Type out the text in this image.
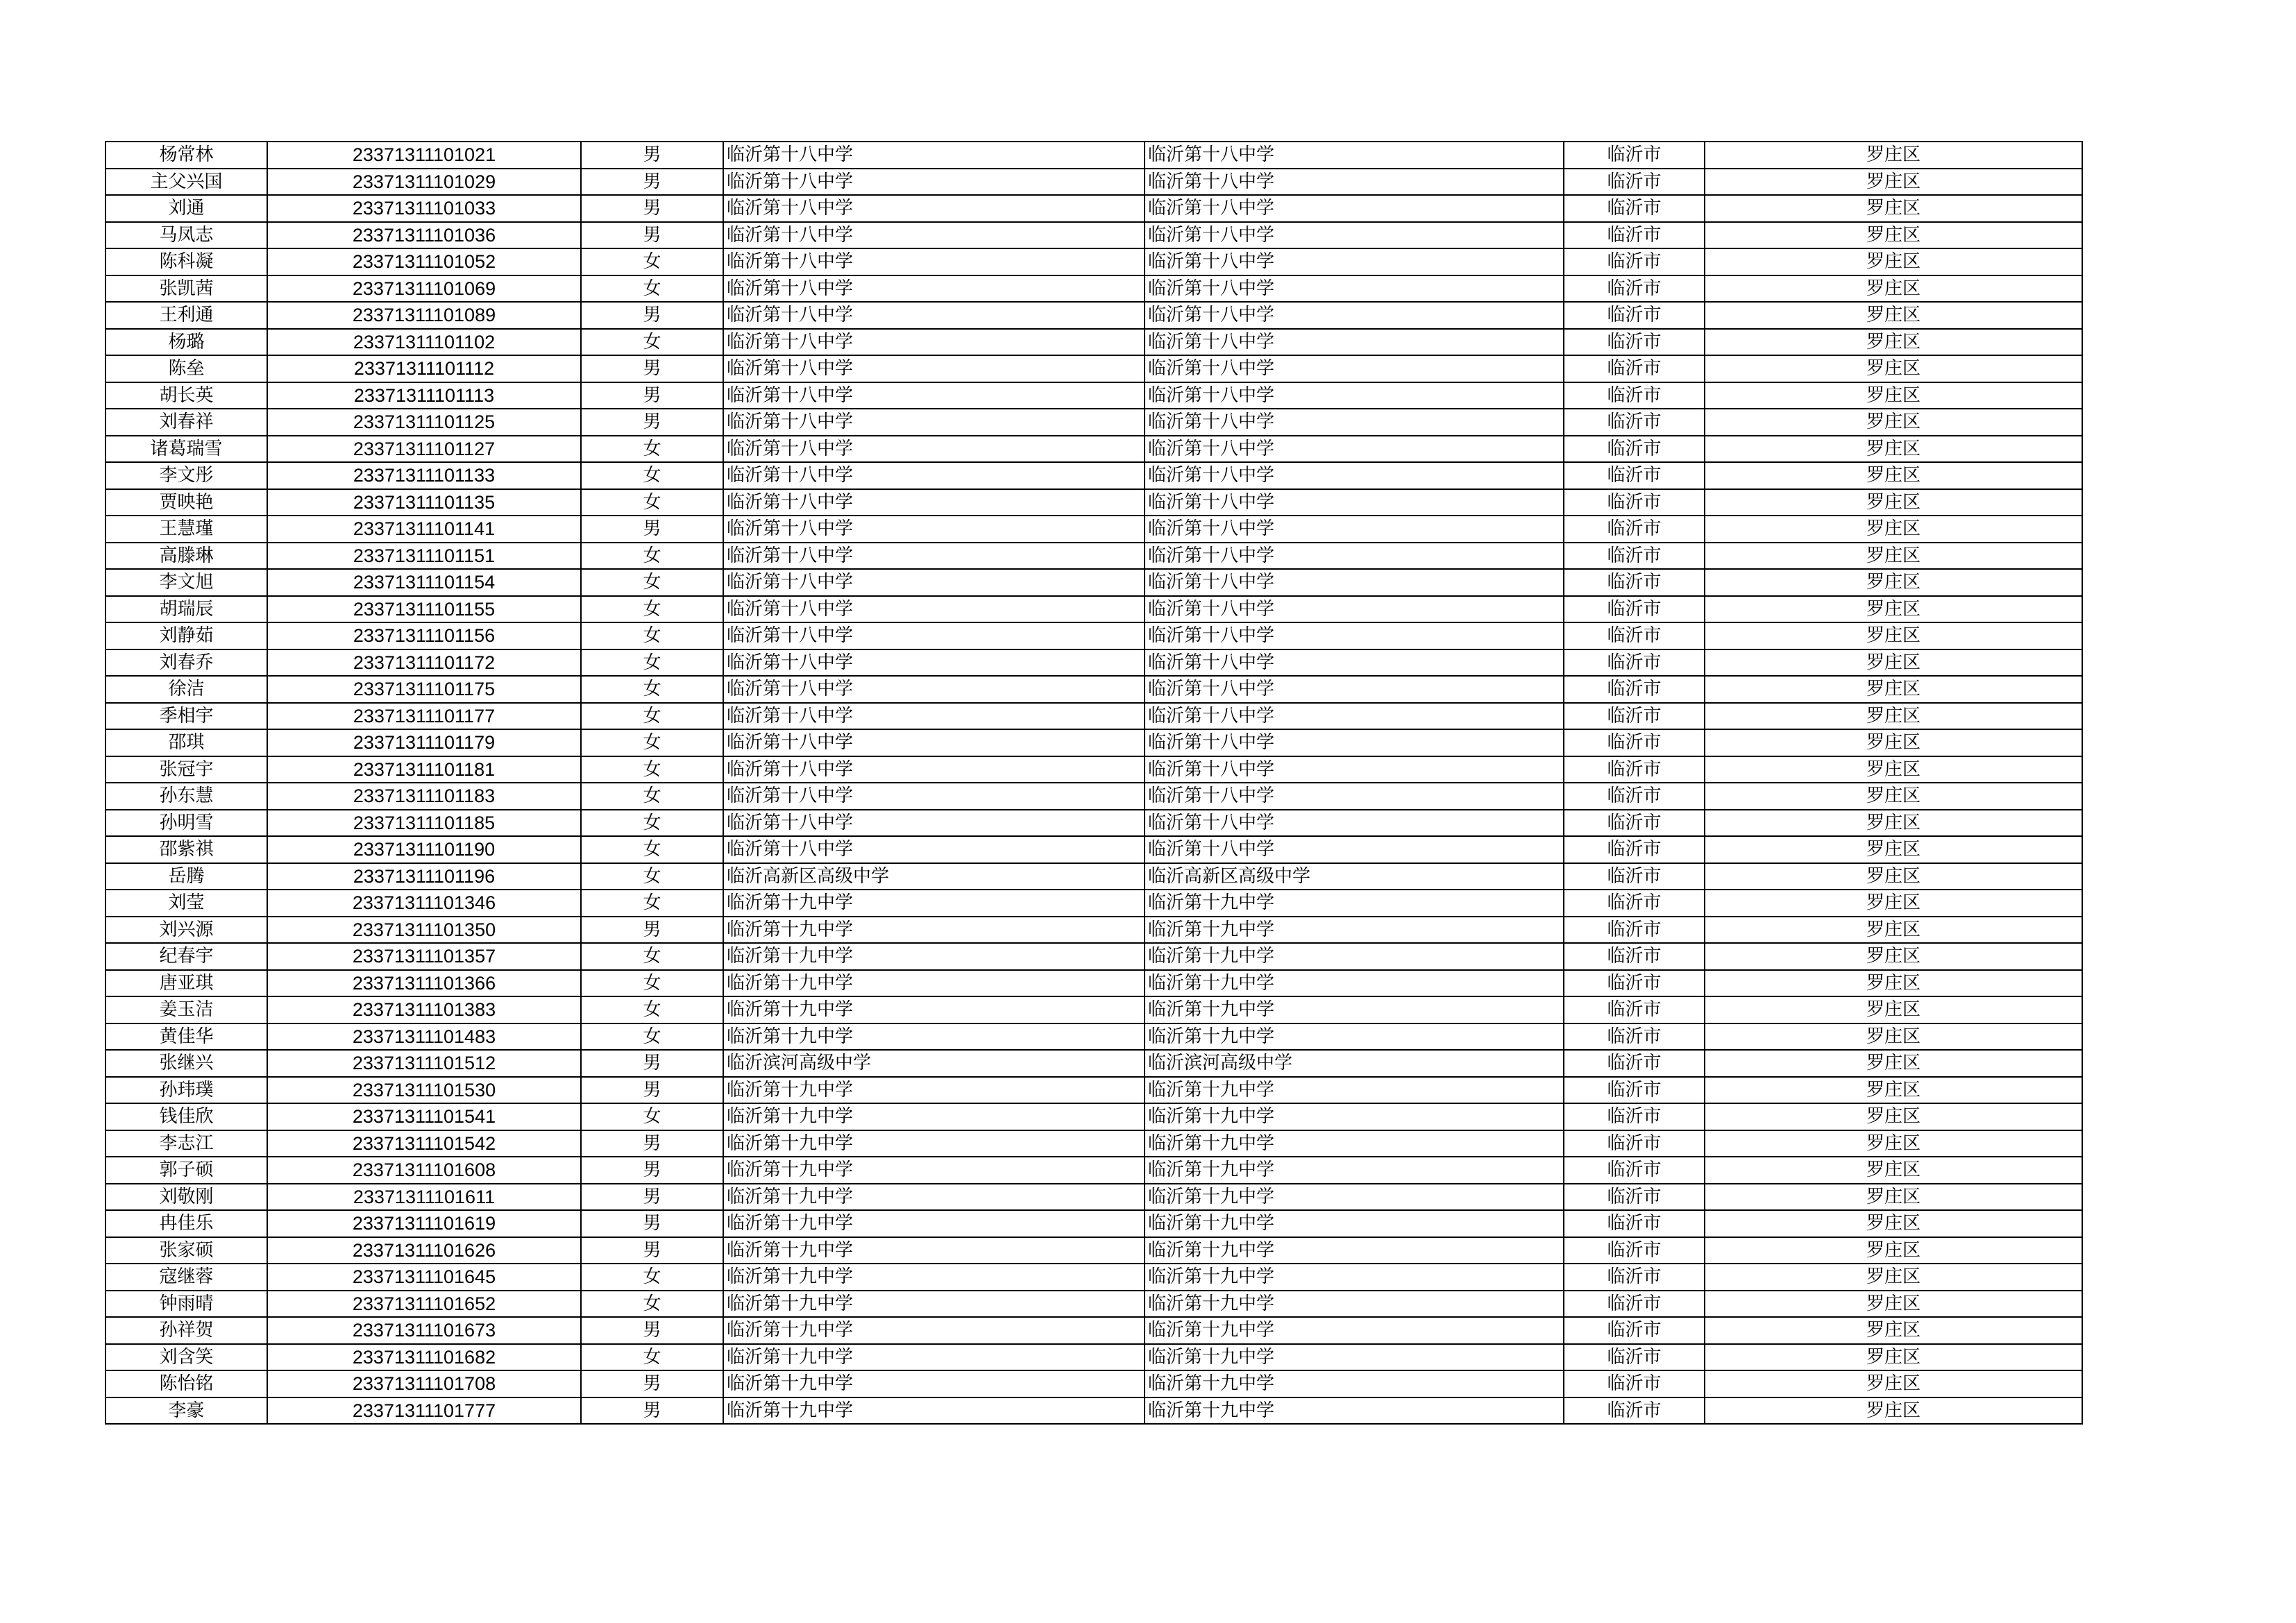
杨常林	23371311101021	男	临沂第十八中学	临沂第十八中学	临沂市	罗庄区
主父兴国	23371311101029	男	临沂第十八中学	临沂第十八中学	临沂市	罗庄区
刘通	23371311101033	男	临沂第十八中学	临沂第十八中学	临沂市	罗庄区
马凤志	23371311101036	男	临沂第十八中学	临沂第十八中学	临沂市	罗庄区
陈科凝	23371311101052	女	临沂第十八中学	临沂第十八中学	临沂市	罗庄区
张凯茜	23371311101069	女	临沂第十八中学	临沂第十八中学	临沂市	罗庄区
王利通	23371311101089	男	临沂第十八中学	临沂第十八中学	临沂市	罗庄区
杨璐	23371311101102	女	临沂第十八中学	临沂第十八中学	临沂市	罗庄区
陈垒	23371311101112	男	临沂第十八中学	临沂第十八中学	临沂市	罗庄区
胡长英	23371311101113	男	临沂第十八中学	临沂第十八中学	临沂市	罗庄区
刘春祥	23371311101125	男	临沂第十八中学	临沂第十八中学	临沂市	罗庄区
诸葛瑞雪	23371311101127	女	临沂第十八中学	临沂第十八中学	临沂市	罗庄区
李文彤	23371311101133	女	临沂第十八中学	临沂第十八中学	临沂市	罗庄区
贾映艳	23371311101135	女	临沂第十八中学	临沂第十八中学	临沂市	罗庄区
王慧瑾	23371311101141	男	临沂第十八中学	临沂第十八中学	临沂市	罗庄区
高滕琳	23371311101151	女	临沂第十八中学	临沂第十八中学	临沂市	罗庄区
李文旭	23371311101154	女	临沂第十八中学	临沂第十八中学	临沂市	罗庄区
胡瑞辰	23371311101155	女	临沂第十八中学	临沂第十八中学	临沂市	罗庄区
刘静茹	23371311101156	女	临沂第十八中学	临沂第十八中学	临沂市	罗庄区
刘春乔	23371311101172	女	临沂第十八中学	临沂第十八中学	临沂市	罗庄区
徐洁	23371311101175	女	临沂第十八中学	临沂第十八中学	临沂市	罗庄区
季相宇	23371311101177	女	临沂第十八中学	临沂第十八中学	临沂市	罗庄区
邵琪	23371311101179	女	临沂第十八中学	临沂第十八中学	临沂市	罗庄区
张冠宇	23371311101181	女	临沂第十八中学	临沂第十八中学	临沂市	罗庄区
孙东慧	23371311101183	女	临沂第十八中学	临沂第十八中学	临沂市	罗庄区
孙明雪	23371311101185	女	临沂第十八中学	临沂第十八中学	临沂市	罗庄区
邵紫祺	23371311101190	女	临沂第十八中学	临沂第十八中学	临沂市	罗庄区
岳腾	23371311101196	女	临沂高新区高级中学	临沂高新区高级中学	临沂市	罗庄区
刘莹	23371311101346	女	临沂第十九中学	临沂第十九中学	临沂市	罗庄区
刘兴源	23371311101350	男	临沂第十九中学	临沂第十九中学	临沂市	罗庄区
纪春宇	23371311101357	女	临沂第十九中学	临沂第十九中学	临沂市	罗庄区
唐亚琪	23371311101366	女	临沂第十九中学	临沂第十九中学	临沂市	罗庄区
姜玉洁	23371311101383	女	临沂第十九中学	临沂第十九中学	临沂市	罗庄区
黄佳华	23371311101483	女	临沂第十九中学	临沂第十九中学	临沂市	罗庄区
张继兴	23371311101512	男	临沂滨河高级中学	临沂滨河高级中学	临沂市	罗庄区
孙玮璞	23371311101530	男	临沂第十九中学	临沂第十九中学	临沂市	罗庄区
钱佳欣	23371311101541	女	临沂第十九中学	临沂第十九中学	临沂市	罗庄区
李志江	23371311101542	男	临沂第十九中学	临沂第十九中学	临沂市	罗庄区
郭子硕	23371311101608	男	临沂第十九中学	临沂第十九中学	临沂市	罗庄区
刘敬刚	23371311101611	男	临沂第十九中学	临沂第十九中学	临沂市	罗庄区
冉佳乐	23371311101619	男	临沂第十九中学	临沂第十九中学	临沂市	罗庄区
张家硕	23371311101626	男	临沂第十九中学	临沂第十九中学	临沂市	罗庄区
寇继蓉	23371311101645	女	临沂第十九中学	临沂第十九中学	临沂市	罗庄区
钟雨晴	23371311101652	女	临沂第十九中学	临沂第十九中学	临沂市	罗庄区
孙祥贺	23371311101673	男	临沂第十九中学	临沂第十九中学	临沂市	罗庄区
刘含笑	23371311101682	女	临沂第十九中学	临沂第十九中学	临沂市	罗庄区
陈怡铭	23371311101708	男	临沂第十九中学	临沂第十九中学	临沂市	罗庄区
李豪	23371311101777	男	临沂第十九中学	临沂第十九中学	临沂市	罗庄区
